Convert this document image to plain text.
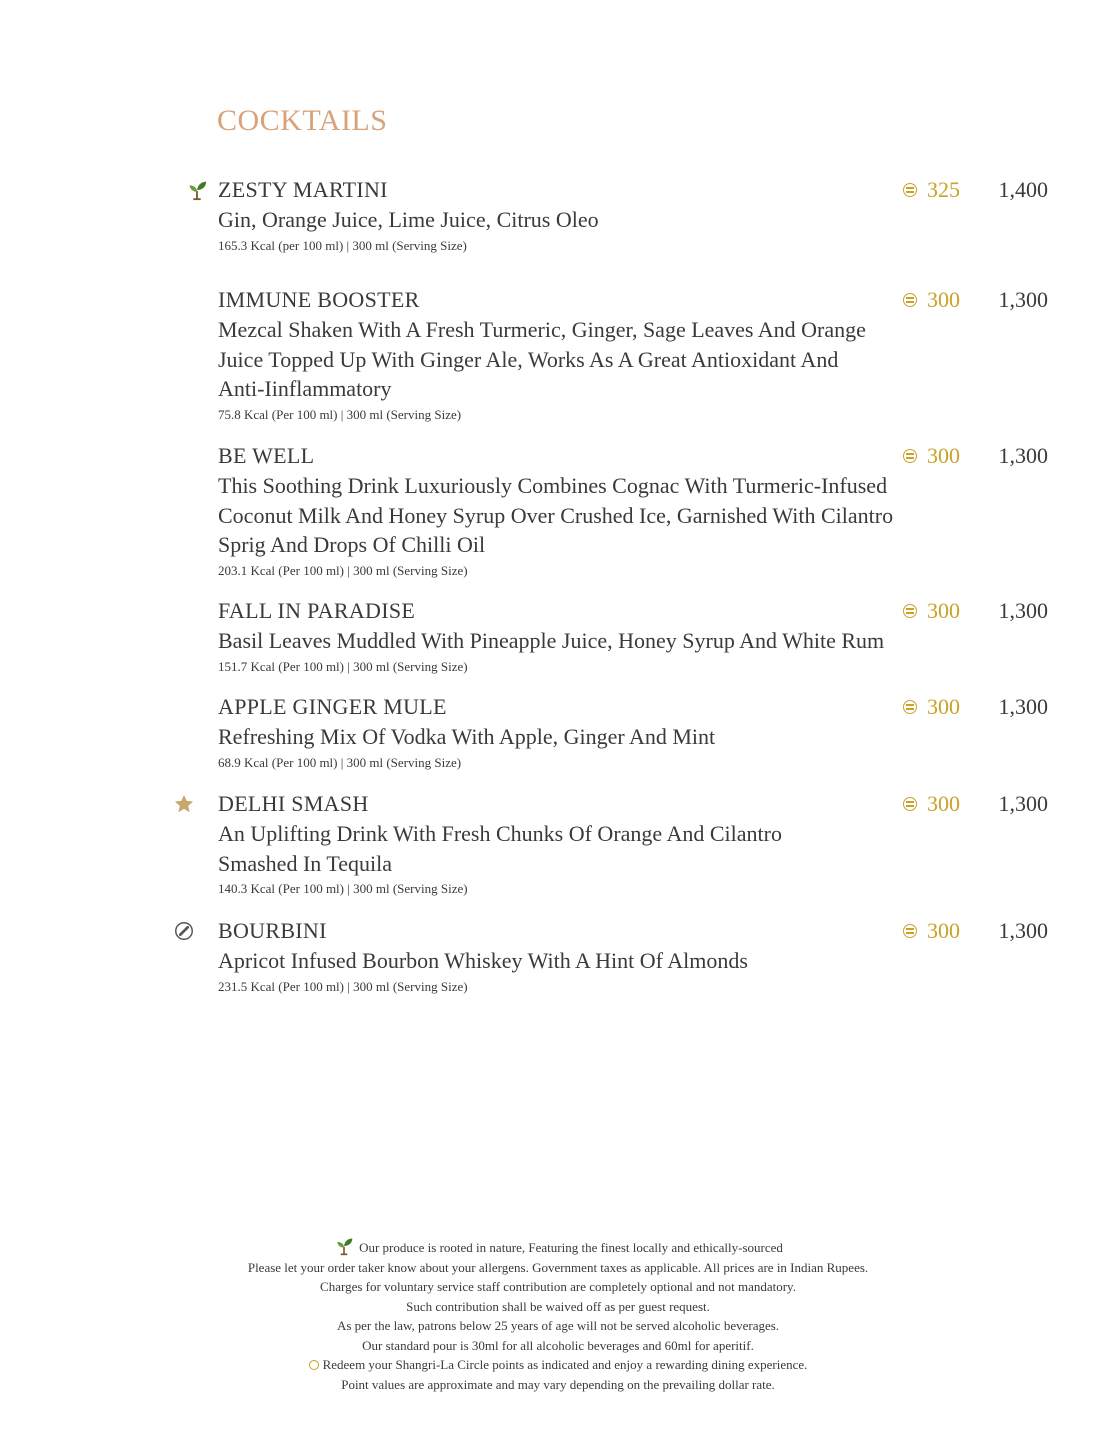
COCKTAILS
ZESTY MARTINI
Gin, Orange Juice, Lime Juice, Citrus Oleo
165.3 Kcal (per 100 ml) | 300 ml (Serving Size)
325 1,400
IMMUNE BOOSTER
Mezcal Shaken With A Fresh Turmeric, Ginger, Sage Leaves And Orange
Juice Topped Up With Ginger Ale, Works As A Great Antioxidant And
Anti-Iinflammatory
75.8 Kcal (Per 100 ml) | 300 ml (Serving Size)
300 1,300
BE WELL
This Soothing Drink Luxuriously Combines Cognac With Turmeric-Infused
Coconut Milk And Honey Syrup Over Crushed Ice, Garnished With Cilantro
Sprig And Drops Of Chilli Oil
203.1 Kcal (Per 100 ml) | 300 ml (Serving Size)
300 1,300
FALL IN PARADISE
Basil Leaves Muddled With Pineapple Juice, Honey Syrup And White Rum
151.7 Kcal (Per 100 ml) | 300 ml (Serving Size)
300 1,300
APPLE GINGER MULE
Refreshing Mix Of Vodka With Apple, Ginger And Mint
68.9 Kcal (Per 100 ml) | 300 ml (Serving Size)
300 1,300
DELHI SMASH
An Uplifting Drink With Fresh Chunks Of Orange And Cilantro
Smashed In Tequila
140.3 Kcal (Per 100 ml) | 300 ml (Serving Size)
300 1,300
BOURBINI
Apricot Infused Bourbon Whiskey With A Hint Of Almonds
231.5 Kcal (Per 100 ml) | 300 ml (Serving Size)
300 1,300
Our produce is rooted in nature, Featuring the finest locally and ethically-sourced
Please let your order taker know about your allergens. Government taxes as applicable. All prices are in Indian Rupees.
Charges for voluntary service staff contribution are completely optional and not mandatory.
Such contribution shall be waived off as per guest request.
As per the law, patrons below 25 years of age will not be served alcoholic beverages.
Our standard pour is 30ml for all alcoholic beverages and 60ml for aperitif.
Redeem your Shangri-La Circle points as indicated and enjoy a rewarding dining experience.
Point values are approximate and may vary depending on the prevailing dollar rate.
